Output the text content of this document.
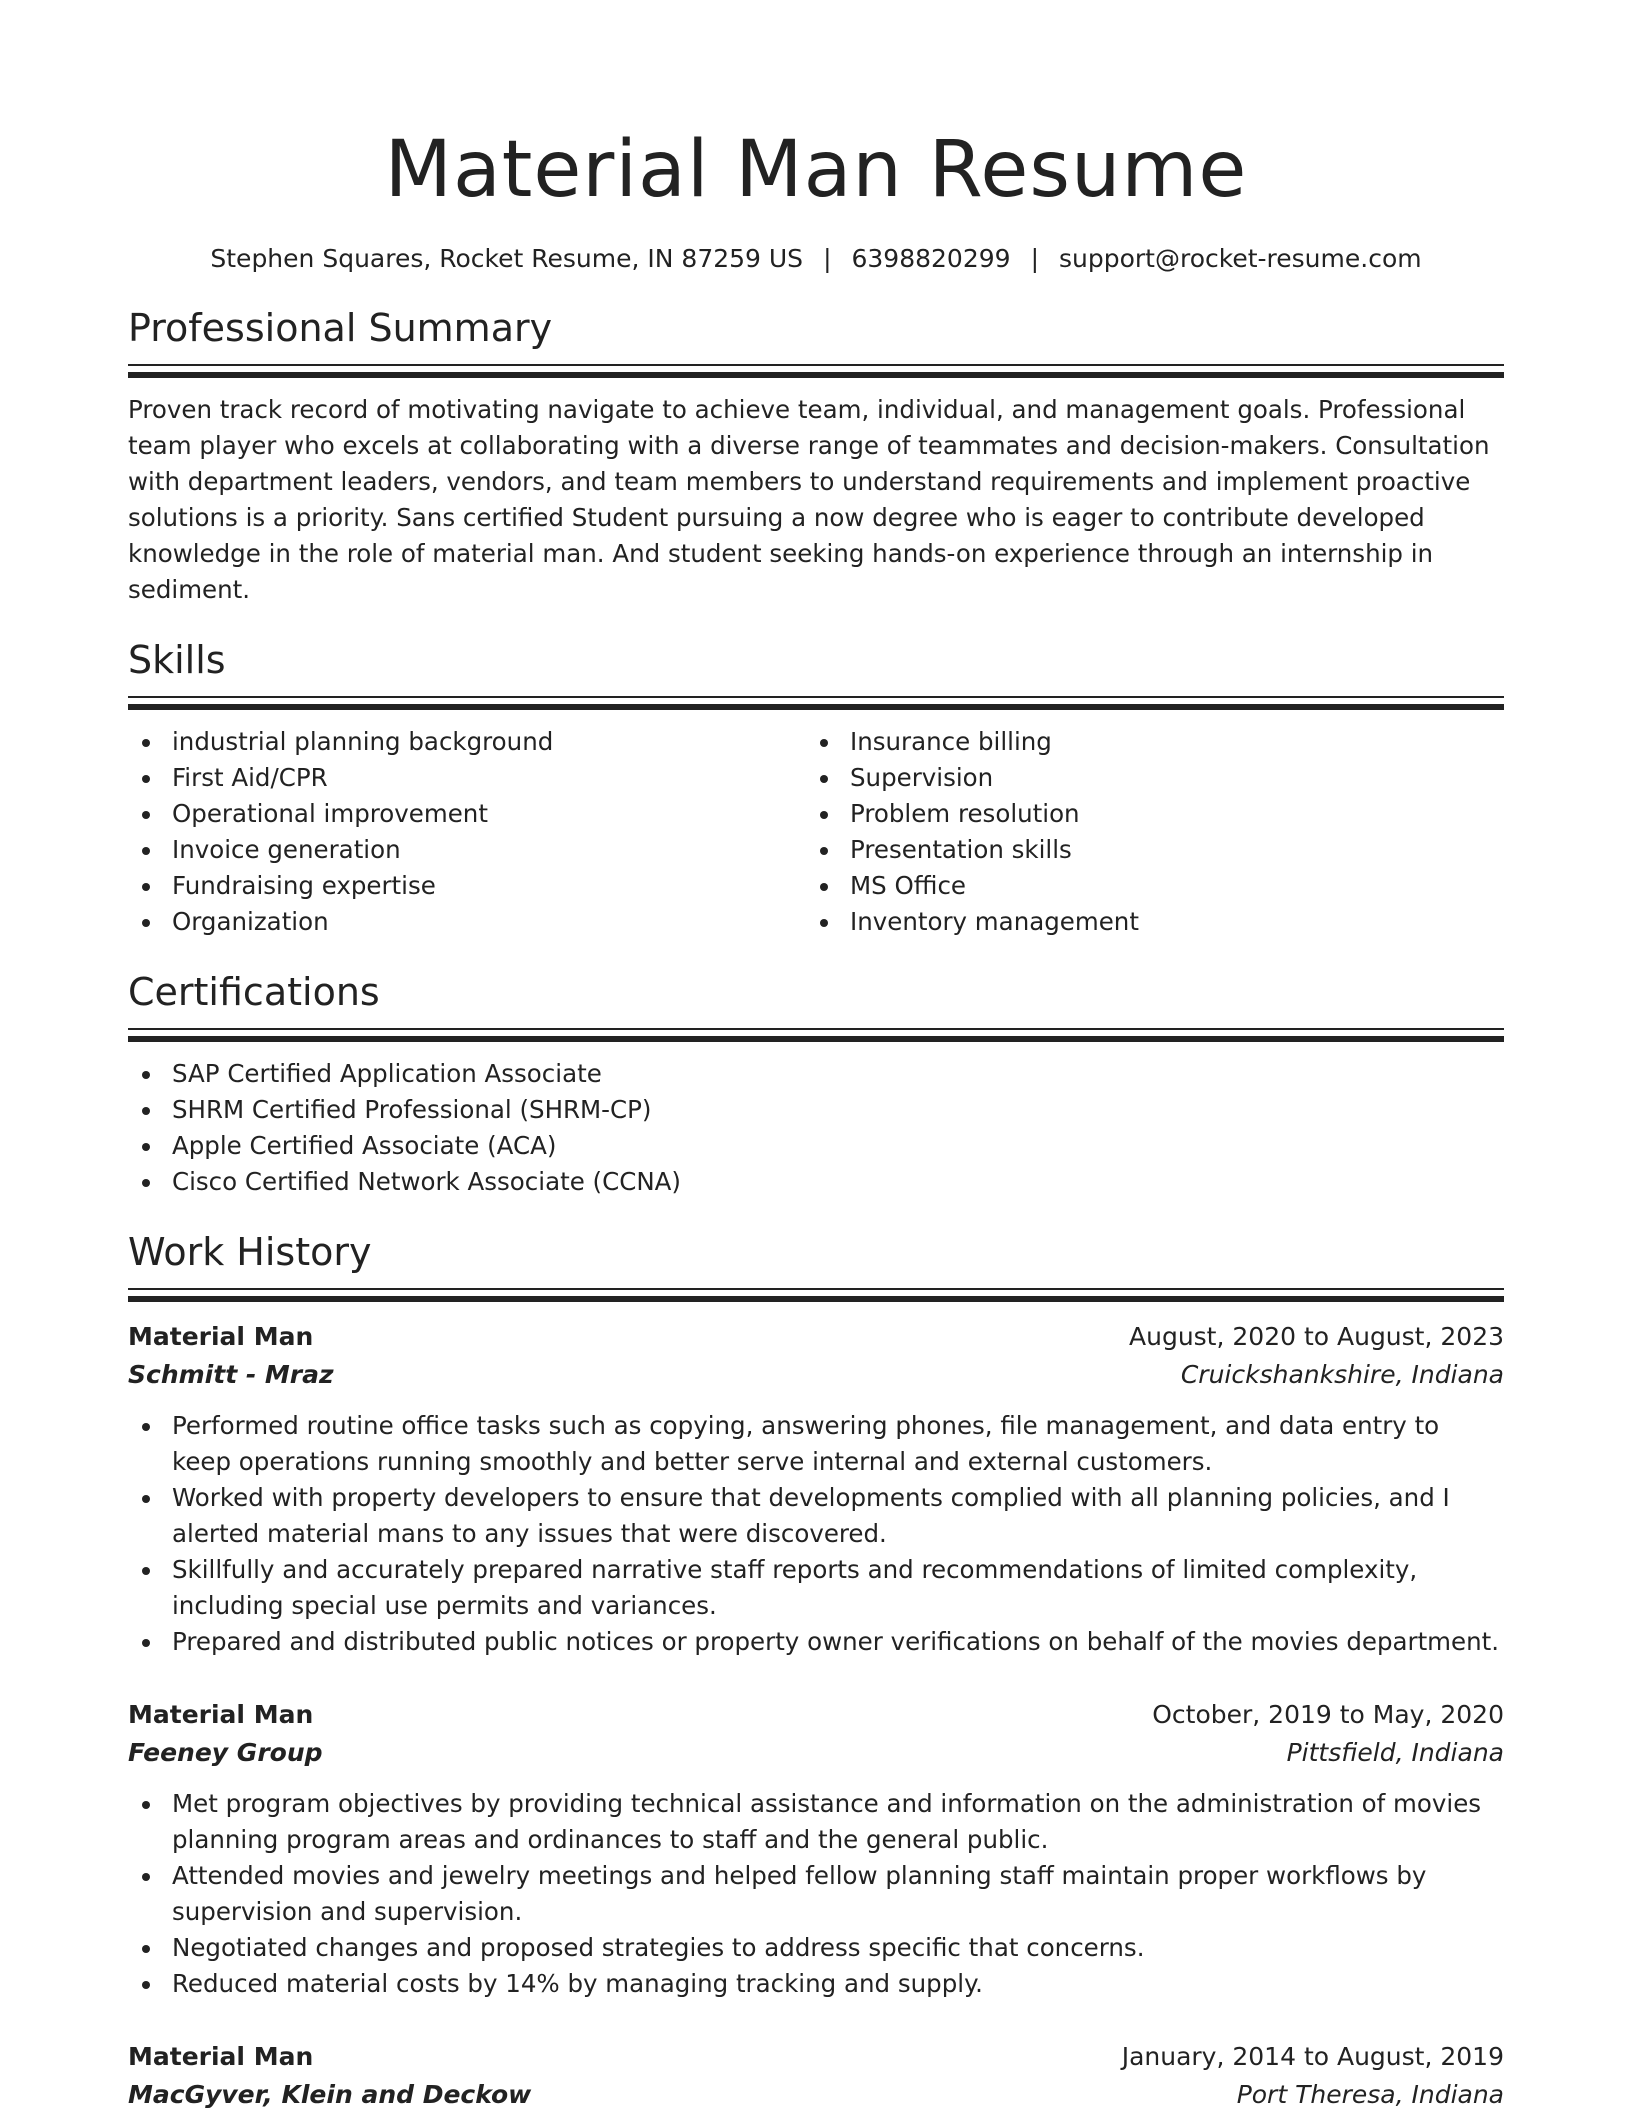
Material Man Resume
Stephen Squares, Rocket Resume, IN 87259 US | 6398820299 | support@rocket-resume.com
Professional Summary

Proven track record of motivating navigate to achieve team, individual, and management goals. Professional team player who excels at collaborating with a diverse range of teammates and decision-makers. Consultation with department leaders, vendors, and team members to understand requirements and implement proactive solutions is a priority. Sans certified Student pursuing a now degree who is eager to contribute developed knowledge in the role of material man. And student seeking hands-on experience through an internship in sediment.

Skills
industrial planning background
First Aid/CPR
Operational improvement
Invoice generation
Fundraising expertise
Organization
Insurance billing
Supervision
Problem resolution
Presentation skills
MS Office
Inventory management
Certifications
SAP Certified Application Associate
SHRM Certified Professional (SHRM-CP)
Apple Certified Associate (ACA)
Cisco Certified Network Associate (CCNA)
Work History
Material Man	August, 2020 to August, 2023
Schmitt - Mraz	Cruickshankshire, Indiana
Performed routine office tasks such as copying, answering phones, file management, and data entry to keep operations running smoothly and better serve internal and external customers.
Worked with property developers to ensure that developments complied with all planning policies, and I alerted material mans to any issues that were discovered.
Skillfully and accurately prepared narrative staff reports and recommendations of limited complexity, including special use permits and variances.
Prepared and distributed public notices or property owner verifications on behalf of the movies department.
Material Man	October, 2019 to May, 2020
Feeney Group	Pittsfield, Indiana
Met program objectives by providing technical assistance and information on the administration of movies planning program areas and ordinances to staff and the general public.
Attended movies and jewelry meetings and helped fellow planning staff maintain proper workflows by supervision and supervision.
Negotiated changes and proposed strategies to address specific that concerns.
Reduced material costs by 14% by managing tracking and supply.
Material Man	January, 2014 to August, 2019
MacGyver, Klein and Deckow	Port Theresa, Indiana
